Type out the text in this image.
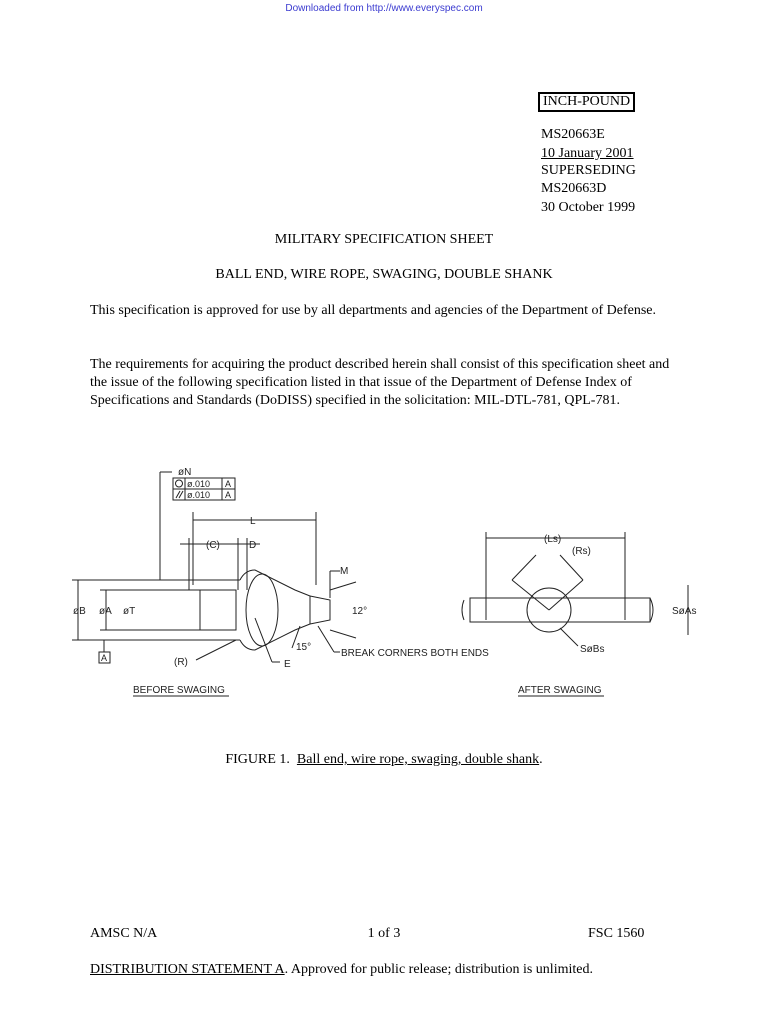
Downloaded from http://www.everyspec.com
INCH-POUND
MS20663E
10 January 2001
SUPERSEDING
MS20663D
30 October 1999
MILITARY SPECIFICATION SHEET
BALL END, WIRE ROPE, SWAGING, DOUBLE SHANK
This specification is approved for use by all departments and agencies of the Department of Defense.
The requirements for acquiring the product described herein shall consist of this specification sheet and the issue of the following specification listed in that issue of the Department of Defense Index of Specifications and Standards (DoDISS) specified in the solicitation: MIL-DTL-781, QPL-781.
øN
ø.010
ø.010
A
A
L
(C)	D
M
øB øA øT	12°
15°
A	(R)	E
BREAK CORNERS BOTH ENDS
BEFORE SWAGING
(Ls)
(Rs)
SøAs
SøBs
AFTER SWAGING
FIGURE 1. Ball end, wire rope, swaging, double shank.
AMSC N/A	1 of 3	FSC 1560
DISTRIBUTION STATEMENT A. Approved for public release; distribution is unlimited.
